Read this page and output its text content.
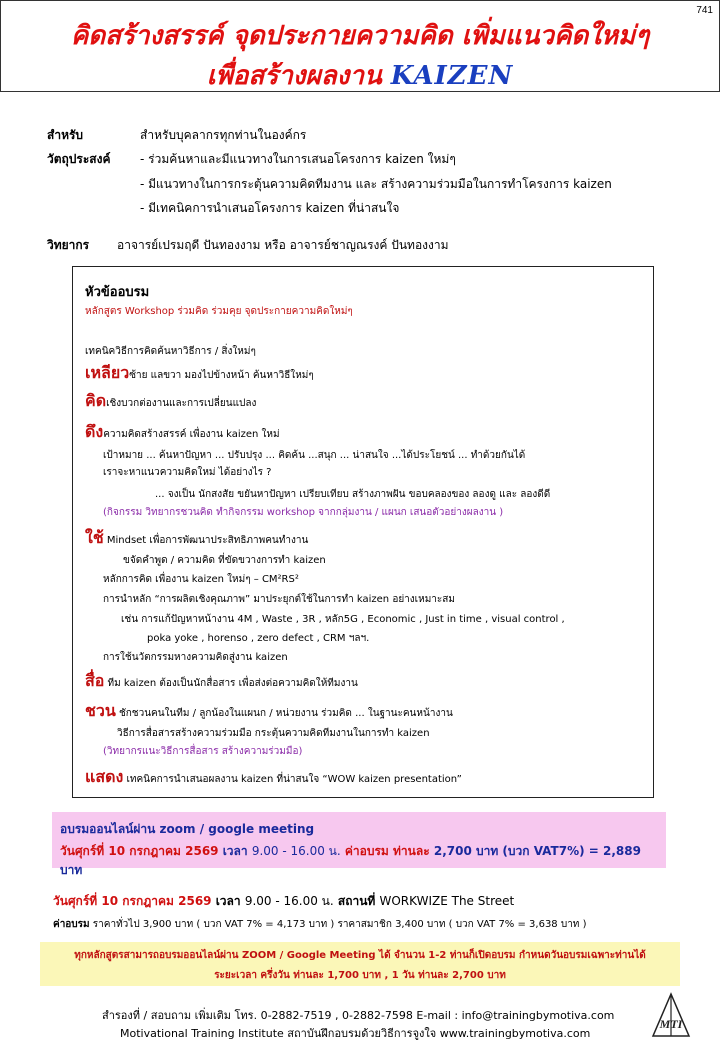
741
คิดสร้างสรรค์ จุดประกายความคิด เพิ่มแนวคิดใหม่ๆ
เพื่อสร้างผลงาน KAIZEN
สำหรับ	สำหรับบุคลากรทุกท่านในองค์กร
วัตถุประสงค์ - ร่วมค้นหาและมีแนวทางในการเสนอโครงการ kaizen ใหม่ๆ
- มีแนวทางในการกระตุ้นความคิดทีมงาน และ สร้างความร่วมมือในการทำโครงการ kaizen
- มีเทคนิคการนำเสนอโครงการ kaizen ที่น่าสนใจ
วิทยากร อาจารย์เปรมฤดี ปันทองงาม หรือ อาจารย์ชาญณรงค์ ปันทองงาม
หัวข้ออบรม
หลักสูตร Workshop ร่วมคิด ร่วมคุย จุดประกายความคิดใหม่ๆ
เทคนิควิธีการคิดค้นหาวิธีการ / สิ่งใหม่ๆ
เหลียวซ้าย แลขวา มองไปข้างหน้า ค้นหาวิธีใหม่ๆ
คิดเชิงบวกต่องานและการเปลี่ยนแปลง
ดึงความคิดสร้างสรรค์ เพื่องาน kaizen ใหม่
เป้าหมาย ... ค้นหาปัญหา ... ปรับปรุง ... คิดค้น ...สนุก ... น่าสนใจ ...ได้ประโยชน์ ... ทำด้วยกันได้
เราจะหาแนวความคิดใหม่ ได้อย่างไร ?
... จงเป็น นักสงสัย ขยันหาปัญหา เปรียบเทียบ สร้างภาพฝัน ขอบคลองของ ลองดู และ ลองดีดี
(กิจกรรม วิทยากรชวนคิด ทำกิจกรรม workshop จากกลุ่มงาน / แผนก เสนอตัวอย่างผลงาน )
ใช้ Mindset เพื่อการพัฒนาประสิทธิภาพคนทำงาน
ขจัดคำพูด / ความคิด ที่ขัดขวางการทำ kaizen
หลักการคิด เพื่องาน kaizen ใหม่ๆ – CM²RS²
การนำหลัก “การผลิตเชิงคุณภาพ” มาประยุกต์ใช้ในการทำ kaizen อย่างเหมาะสม
เช่น การแก้ปัญหาหน้างาน 4M , Waste , 3R , หลัก5G , Economic , Just in time , visual control ,
poka yoke , horenso , zero defect , CRM ฯลฯ.
การใช้นวัตกรรมหางความคิดสู่งาน kaizen
สื่อ ทีม kaizen ต้องเป็นนักสื่อสาร เพื่อส่งต่อความคิดให้ทีมงาน
ชวน ชักชวนคนในทีม / ลูกน้องในแผนก / หน่วยงาน ร่วมคิด ... ในฐานะคนหน้างาน
วิธีการสื่อสารสร้างความร่วมมือ กระตุ้นความคิดทีมงานในการทำ kaizen
(วิทยากรแนะวิธีการสื่อสาร สร้างความร่วมมือ)
แสดง เทคนิคการนำเสนอผลงาน kaizen ที่น่าสนใจ “WOW kaizen presentation”
อบรมออนไลน์ผ่าน zoom / google meeting
วันศุกร์ที่ 10 กรกฎาคม 2569 เวลา 9.00 - 16.00 น. ค่าอบรม ท่านละ 2,700 บาท (บวก VAT7%) = 2,889 บาท
วันศุกร์ที่ 10 กรกฎาคม 2569 เวลา 9.00 - 16.00 น. สถานที่ WORKWIZE The Street
ค่าอบรม ราคาทั่วไป 3,900 บาท ( บวก VAT 7% = 4,173 บาท ) ราคาสมาชิก 3,400 บาท ( บวก VAT 7% = 3,638 บาท )
ทุกหลักสูตรสามารถอบรมออนไลน์ผ่าน ZOOM / Google Meeting ได้ จำนวน 1-2 ท่านก็เปิดอบรม กำหนดวันอบรมเฉพาะท่านได้
ระยะเวลา ครึ่งวัน ท่านละ 1,700 บาท , 1 วัน ท่านละ 2,700 บาท
สำรองที่ / สอบถาม เพิ่มเติม โทร. 0-2882-7519 , 0-2882-7598 E-mail : info@trainingbymotiva.com
Motivational Training Institute สถาบันฝึกอบรมด้วยวิธีการจูงใจ www.trainingbymotiva.com
MTI
